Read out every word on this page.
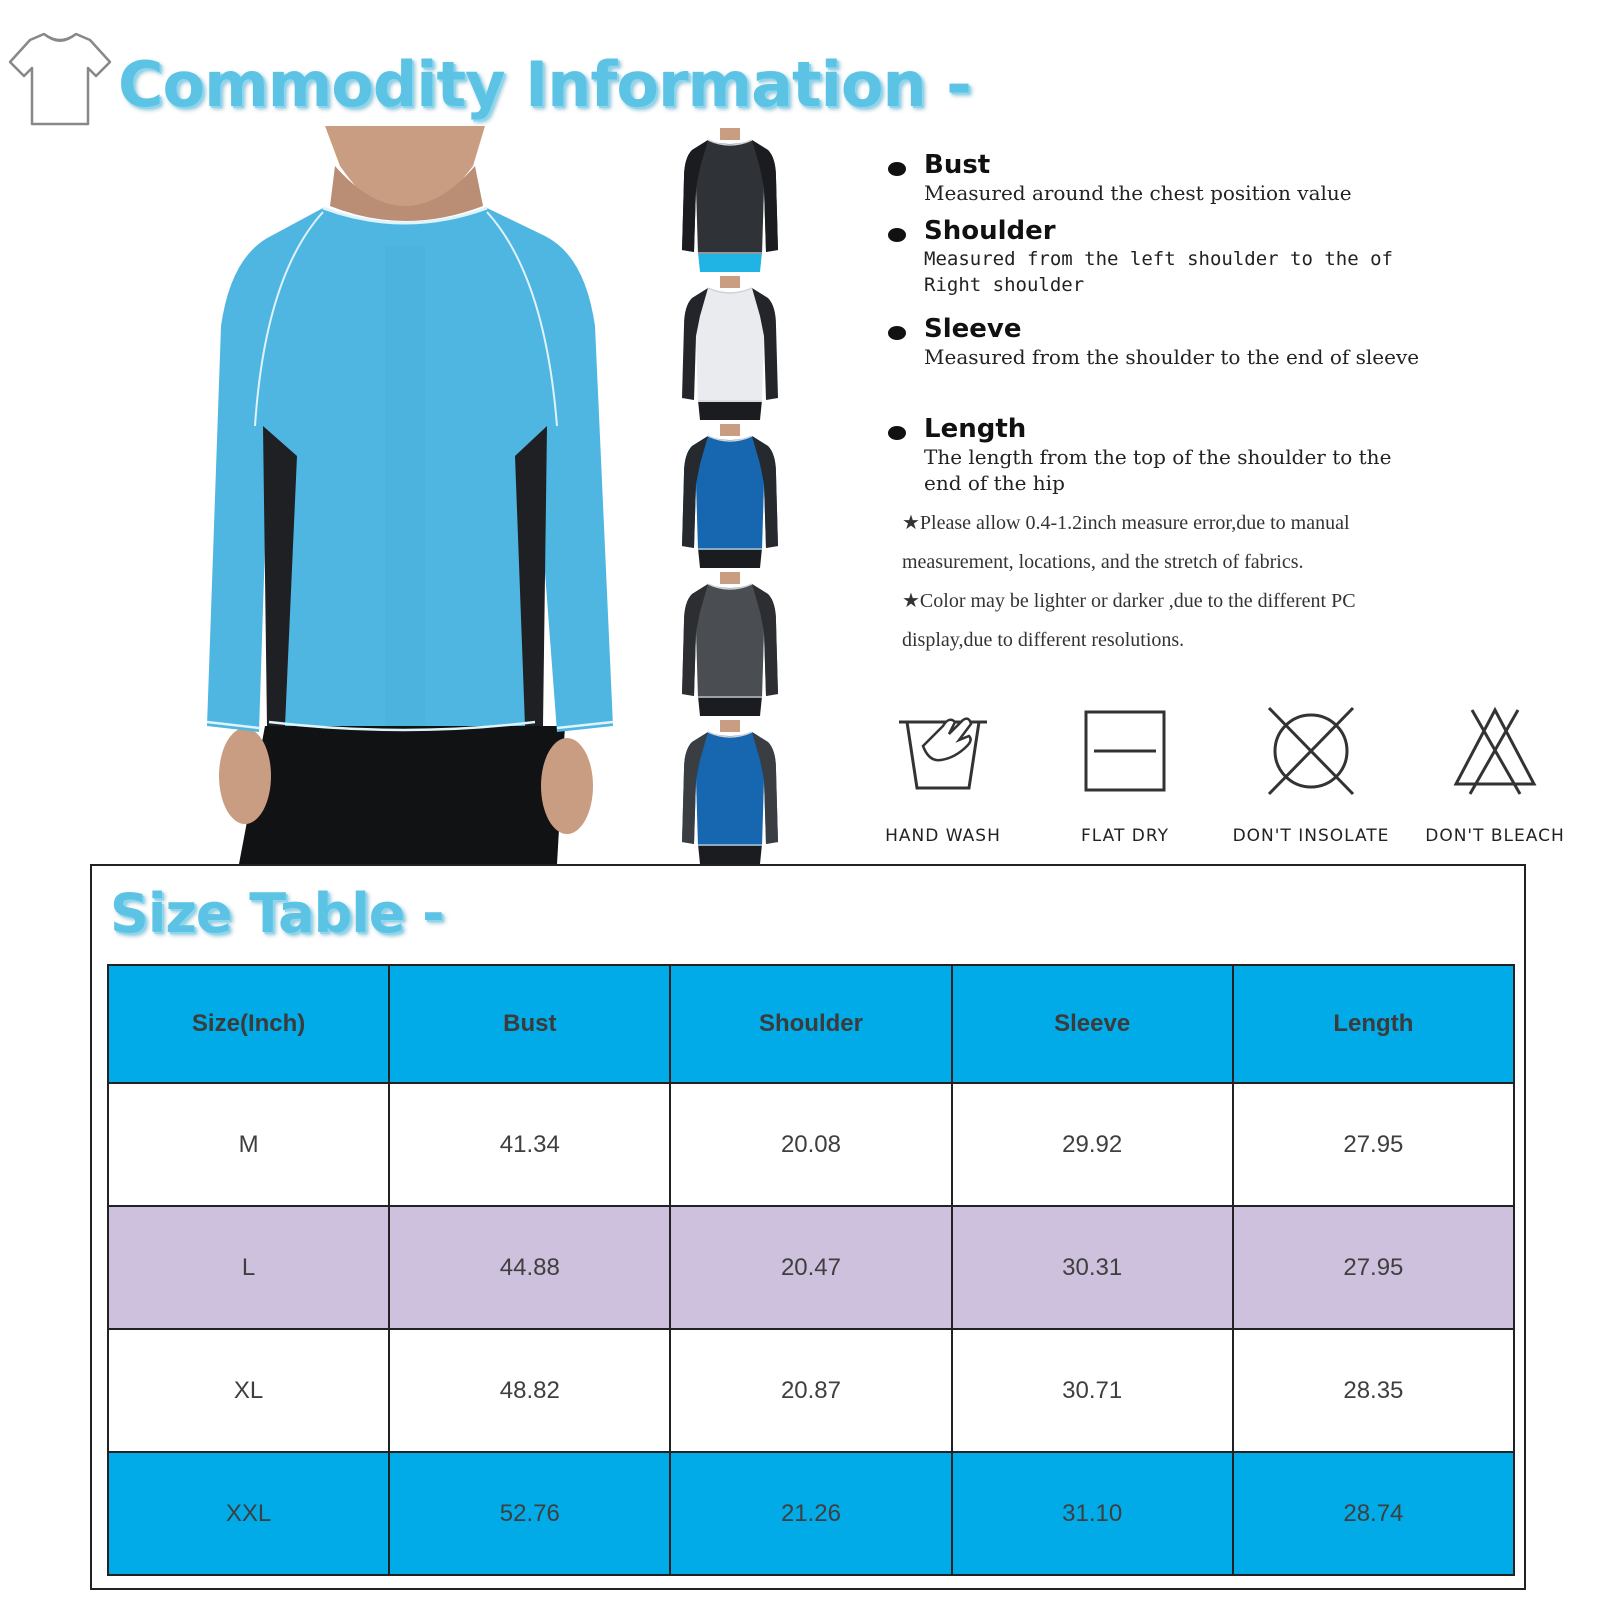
Commodity Information -
Bust
Measured around the chest position value
Shoulder
Measured from the left shoulder to the of Right shoulder
Sleeve
Measured from the shoulder to the end of sleeve
Length
The length from the top of the shoulder to the end of the hip

★Please allow 0.4-1.2inch measure error,due to manual measurement, locations, and the stretch of fabrics.

★Color may be lighter or darker ,due to the different PC display,due to different resolutions.

HAND WASH	FLAT DRY	DON'T INSOLATE	DON'T BLEACH
Size Table -
Size(Inch)	Bust	Shoulder	Sleeve	Length
M	41.34	20.08	29.92	27.95
L	44.88	20.47	30.31	27.95
XL	48.82	20.87	30.71	28.35
XXL	52.76	21.26	31.10	28.74
